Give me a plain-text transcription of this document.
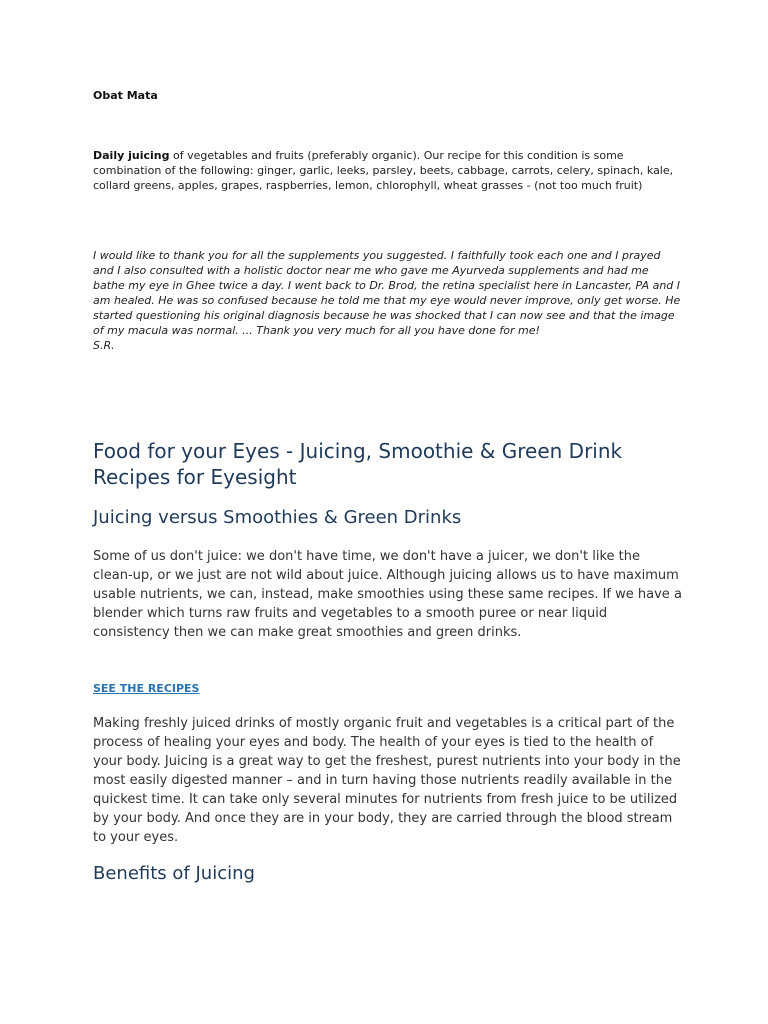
Obat Mata
Daily juicing of vegetables and fruits (preferably organic). Our recipe for this condition is some combination of the following: ginger, garlic, leeks, parsley, beets, cabbage, carrots, celery, spinach, kale, collard greens, apples, grapes, raspberries, lemon, chlorophyll, wheat grasses - (not too much fruit)
I would like to thank you for all the supplements you suggested. I faithfully took each one and I prayed and I also consulted with a holistic doctor near me who gave me Ayurveda supplements and had me bathe my eye in Ghee twice a day. I went back to Dr. Brod, the retina specialist here in Lancaster, PA and I am healed. He was so confused because he told me that my eye would never improve, only get worse. He started questioning his original diagnosis because he was shocked that I can now see and that the image of my macula was normal. ... Thank you very much for all you have done for me!
S.R.
Food for your Eyes - Juicing, Smoothie & Green Drink Recipes for Eyesight
Juicing versus Smoothies & Green Drinks
Some of us don't juice: we don't have time, we don't have a juicer, we don't like the clean-up, or we just are not wild about juice. Although juicing allows us to have maximum usable nutrients, we can, instead, make smoothies using these same recipes. If we have a blender which turns raw fruits and vegetables to a smooth puree or near liquid consistency then we can make great smoothies and green drinks.
SEE THE RECIPES
Making freshly juiced drinks of mostly organic fruit and vegetables is a critical part of the process of healing your eyes and body. The health of your eyes is tied to the health of your body. Juicing is a great way to get the freshest, purest nutrients into your body in the most easily digested manner – and in turn having those nutrients readily available in the quickest time. It can take only several minutes for nutrients from fresh juice to be utilized by your body. And once they are in your body, they are carried through the blood stream to your eyes.
Benefits of Juicing
